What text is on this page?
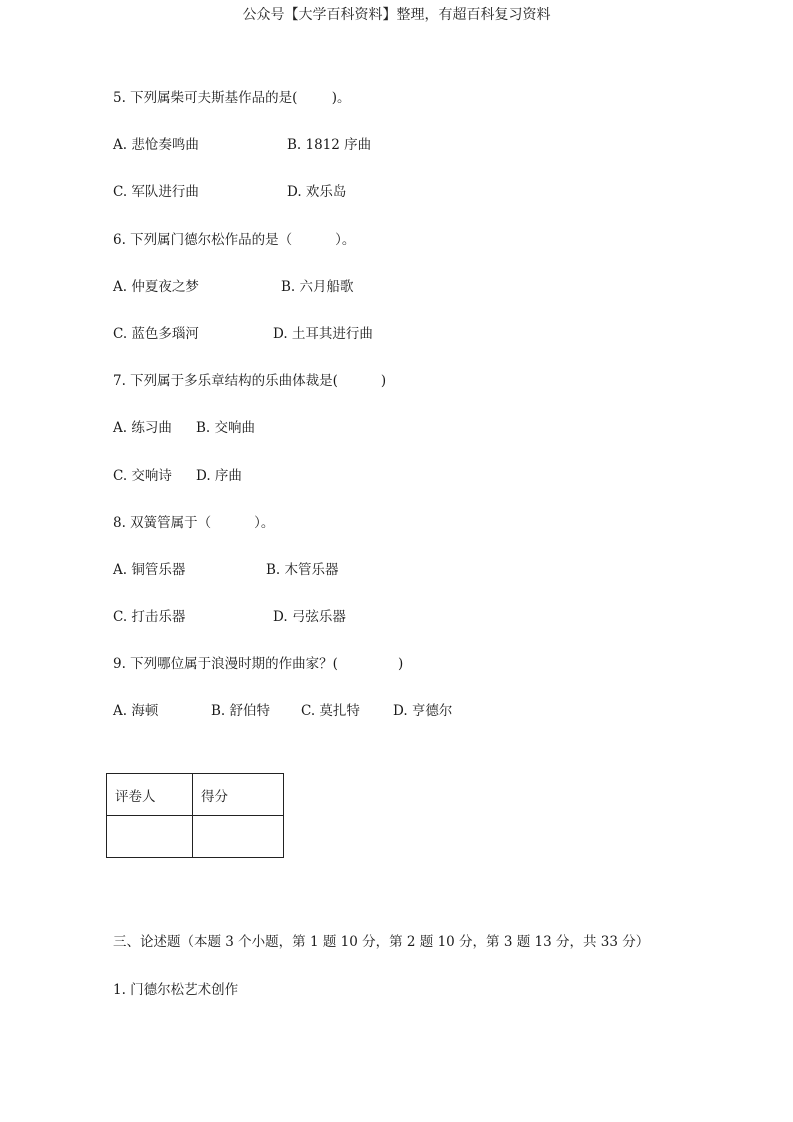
公众号【大学百科资料】整理，有超百科复习资料
5. 下列属柴可夫斯基作品的是(        )。
A. 悲怆奏鸣曲	B. 1812 序曲
C. 军队进行曲	D. 欢乐岛
6. 下列属门德尔松作品的是（          ）。
A. 仲夏夜之梦	B. 六月船歌
C. 蓝色多瑙河	D. 土耳其进行曲
7. 下列属于多乐章结构的乐曲体裁是(          )
A. 练习曲 B. 交响曲
C. 交响诗 D. 序曲
8. 双簧管属于（          ）。
A. 铜管乐器	B. 木管乐器
C. 打击乐器	D. 弓弦乐器
9. 下列哪位属于浪漫时期的作曲家？(              )
A. 海顿	B. 舒伯特 C. 莫扎特 D. 亨德尔
评卷人	得分

三、论述题（本题 3 个小题，第 1 题 10 分，第 2 题 10 分，第 3 题 13 分，共 33 分）
1. 门德尔松艺术创作
